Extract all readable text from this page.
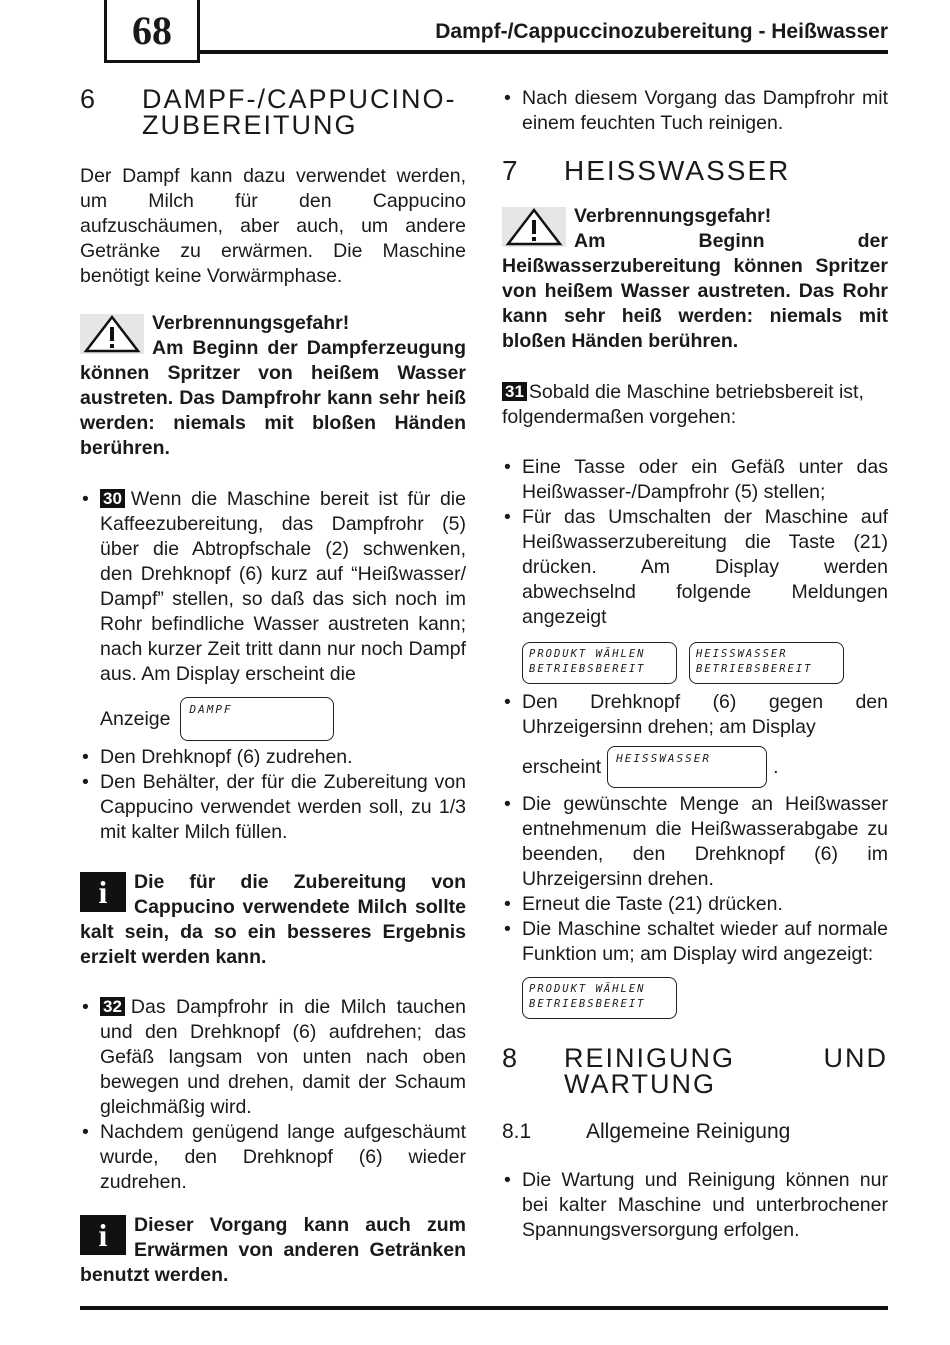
68	Dampf-/Cappuccinozubereitung - Heißwasser
6	DAMPF-/CAPPUCINO-
ZUBEREITUNG

Der Dampf kann dazu verwendet werden, um Milch für den Cappucino aufzuschäumen, aber auch, um andere Getränke zu erwärmen. Die Maschine benötigt keine Vorwärmphase.

Verbrennungsgefahr!
Am Beginn der Dampferzeugung können Spritzer von heißem Wasser austreten. Das Dampfrohr kann sehr heiß werden: niemals mit bloßen Händen berühren.
• 30 Wenn die Maschine bereit ist für die Kaffeezubereitung, das Dampfrohr (5) über die Abtropfschale (2) schwenken, den Drehknopf (6) kurz auf “Heißwasser/ Dampf” stellen, so daß das sich noch im Rohr befindliche Wasser austreten kann; nach kurzer Zeit tritt dann nur noch Dampf aus. Am Display erscheint die
Anzeige	DAMPF
• Den Drehknopf (6) zudrehen.
• Den Behälter, der für die Zubereitung von Cappucino verwendet werden soll, zu 1/3 mit kalter Milch füllen.
i	Die für die Zubereitung von Cappucino verwendete Milch sollte kalt sein, da so ein besseres Ergebnis erzielt werden kann.
• 32 Das Dampfrohr in die Milch tauchen und den Drehknopf (6) aufdrehen; das Gefäß langsam von unten nach oben bewegen und drehen, damit der Schaum gleichmäßig wird.
• Nachdem genügend lange aufgeschäumt wurde, den Drehknopf (6) wieder zudrehen.
i	Dieser Vorgang kann auch zum Erwärmen von anderen Getränken benutzt werden.
• Nach diesem Vorgang das Dampfrohr mit einem feuchten Tuch reinigen.
7	HEISSWASSER
Verbrennungsgefahr!
Am Beginn der Heißwasserzubereitung können Spritzer von heißem Wasser austreten. Das Rohr kann sehr heiß werden: niemals mit bloßen Händen berühren.

31 Sobald die Maschine betriebsbereit ist, folgendermaßen vorgehen:

• Eine Tasse oder ein Gefäß unter das Heißwasser-/Dampfrohr (5) stellen;
• Für das Umschalten der Maschine auf Heißwasserzubereitung die Taste (21) drücken. Am Display werden abwechselnd folgende Meldungen angezeigt
PRODUKT WÄHLEN
BETRIEBSBEREIT
HEISSWASSER
BETRIEBSBEREIT
• Den Drehknopf (6) gegen den Uhrzeigersinn drehen; am Display
erscheint	HEISSWASSER	.
• Die gewünschte Menge an Heißwasser entnehmenum die Heißwasserabgabe zu beenden, den Drehknopf (6) im Uhrzeigersinn drehen.
• Erneut die Taste (21) drücken.
• Die Maschine schaltet wieder auf normale Funktion um; am Display wird angezeigt:
PRODUKT WÄHLEN
BETRIEBSBEREIT
8	REINIGUNG	UND
WARTUNG
8.1	Allgemeine Reinigung
• Die Wartung und Reinigung können nur bei kalter Maschine und unterbrochener Spannungsversorgung erfolgen.
